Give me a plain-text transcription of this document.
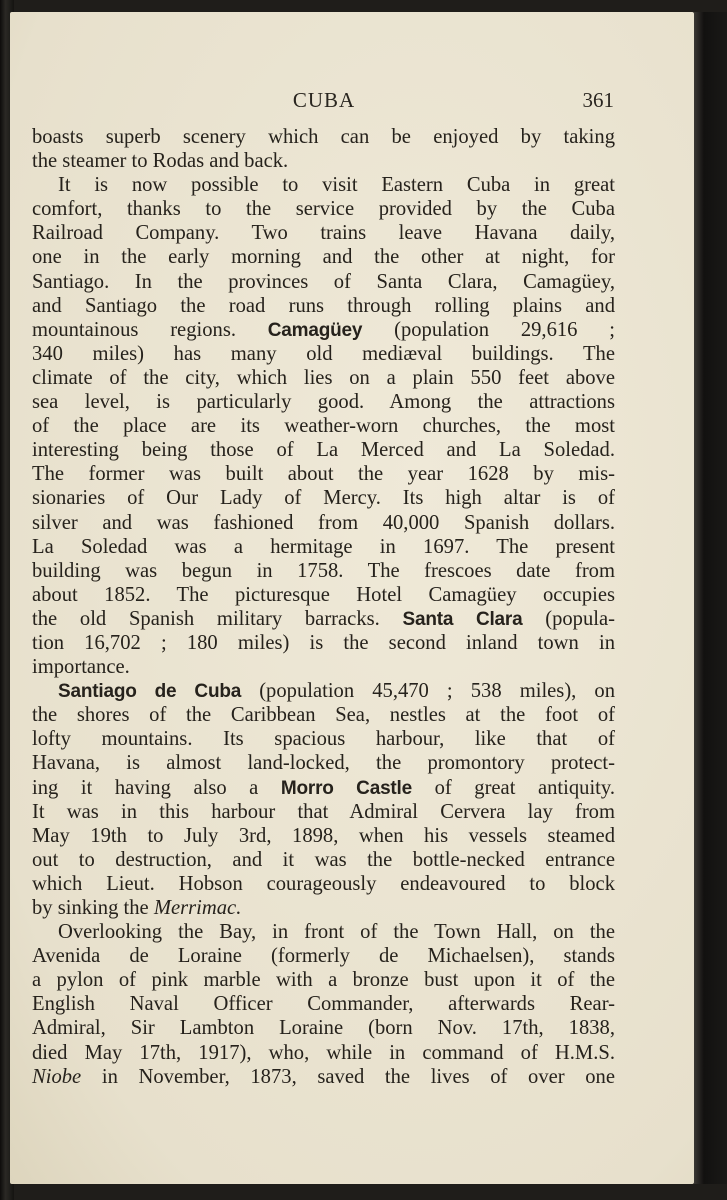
CUBA	361
boasts superb scenery which can be enjoyed by taking
the steamer to Rodas and back.
It is now possible to visit Eastern Cuba in great
comfort, thanks to the service provided by the Cuba
Railroad Company. Two trains leave Havana daily,
one in the early morning and the other at night, for
Santiago. In the provinces of Santa Clara, Camagüey,
and Santiago the road runs through rolling plains and
mountainous regions. Camagüey (population 29,616 ;
340 miles) has many old mediæval buildings. The
climate of the city, which lies on a plain 550 feet above
sea level, is particularly good. Among the attractions
of the place are its weather-worn churches, the most
interesting being those of La Merced and La Soledad.
The former was built about the year 1628 by mis-
sionaries of Our Lady of Mercy. Its high altar is of
silver and was fashioned from 40,000 Spanish dollars.
La Soledad was a hermitage in 1697. The present
building was begun in 1758. The frescoes date from
about 1852. The picturesque Hotel Camagüey occupies
the old Spanish military barracks. Santa Clara (popula-
tion 16,702 ; 180 miles) is the second inland town in
importance.
Santiago de Cuba (population 45,470 ; 538 miles), on
the shores of the Caribbean Sea, nestles at the foot of
lofty mountains. Its spacious harbour, like that of
Havana, is almost land-locked, the promontory protect-
ing it having also a Morro Castle of great antiquity.
It was in this harbour that Admiral Cervera lay from
May 19th to July 3rd, 1898, when his vessels steamed
out to destruction, and it was the bottle-necked entrance
which Lieut. Hobson courageously endeavoured to block
by sinking the Merrimac.
Overlooking the Bay, in front of the Town Hall, on the
Avenida de Loraine (formerly de Michaelsen), stands
a pylon of pink marble with a bronze bust upon it of the
English Naval Officer Commander, afterwards Rear-
Admiral, Sir Lambton Loraine (born Nov. 17th, 1838,
died May 17th, 1917), who, while in command of H.M.S.
Niobe in November, 1873, saved the lives of over one
